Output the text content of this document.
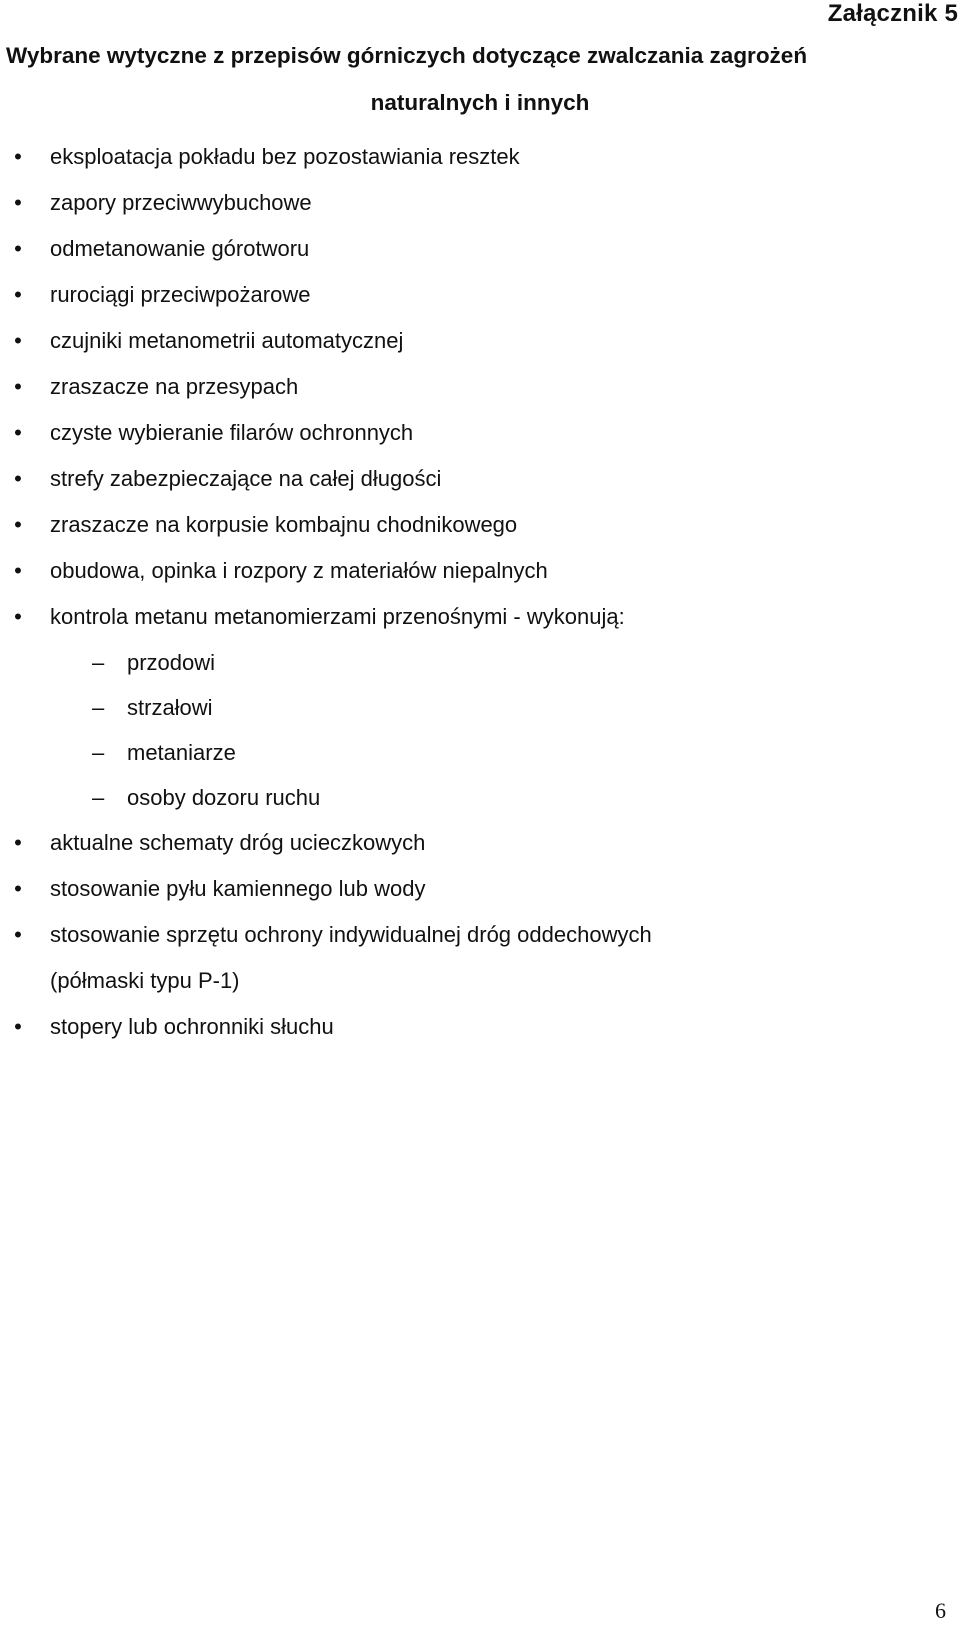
Załącznik 5
Wybrane wytyczne z przepisów górniczych dotyczące zwalczania zagrożeń
naturalnych i innych
• eksploatacja pokładu bez pozostawiania resztek
• zapory przeciwwybuchowe
• odmetanowanie górotworu
• rurociągi przeciwpożarowe
• czujniki metanometrii automatycznej
• zraszacze na przesypach
• czyste wybieranie filarów ochronnych
• strefy zabezpieczające na całej długości
• zraszacze na korpusie kombajnu chodnikowego
• obudowa, opinka i rozpory z materiałów niepalnych
• kontrola metanu metanomierzami przenośnymi - wykonują:
– przodowi
– strzałowi
– metaniarze
– osoby dozoru ruchu
• aktualne schematy dróg ucieczkowych
• stosowanie pyłu kamiennego lub wody
• stosowanie sprzętu ochrony indywidualnej dróg oddechowych
(półmaski typu P-1)
• stopery lub ochronniki słuchu
6
